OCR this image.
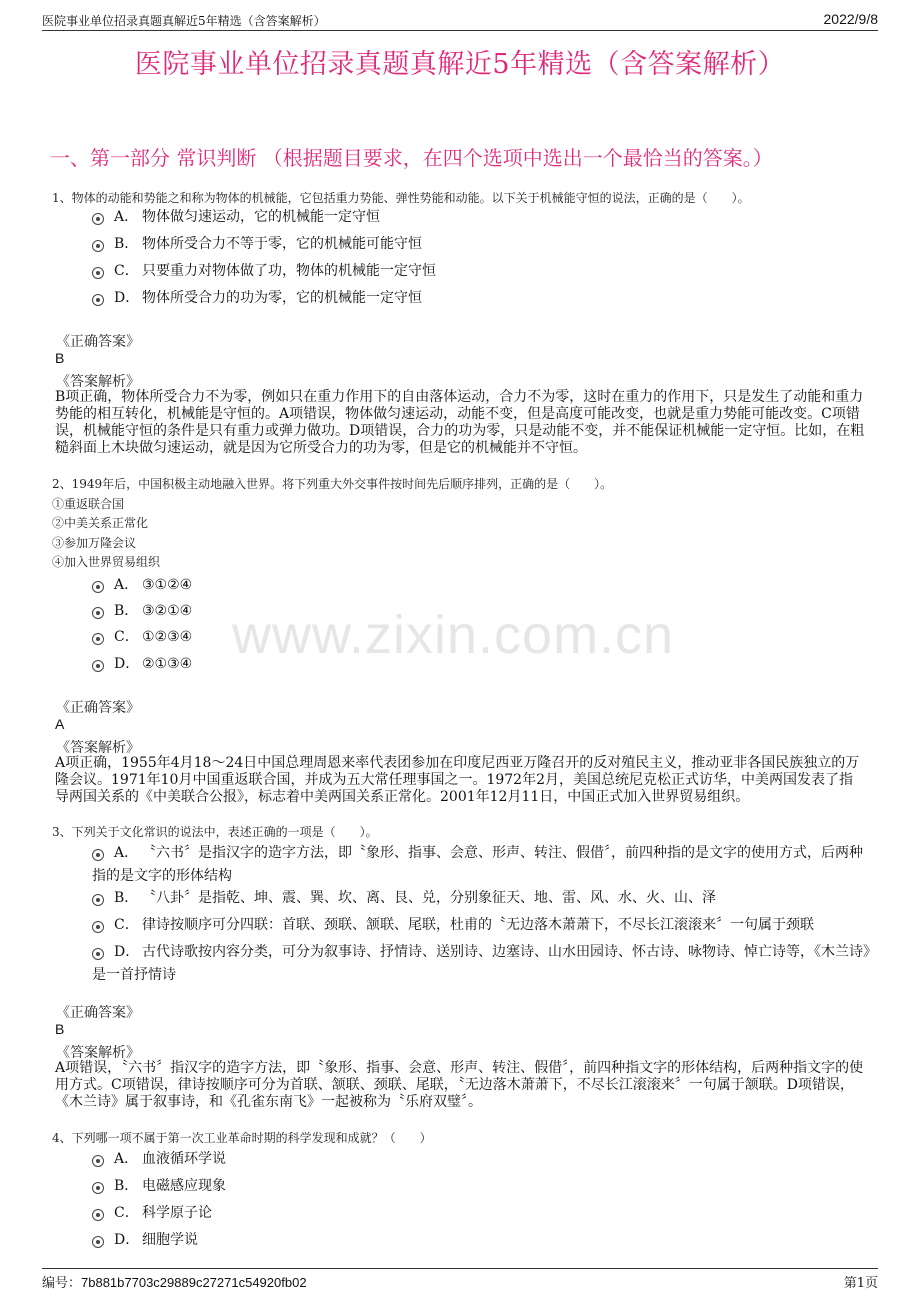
医院事业单位招录真题真解近5年精选（含答案解析）	2022/9/8
医院事业单位招录真题真解近5年精选（含答案解析）
一、第一部分 常识判断 （根据题目要求，在四个选项中选出一个最恰当的答案。）
www.zixin.com.cn
1、物体的动能和势能之和称为物体的机械能，它包括重力势能、弹性势能和动能。以下关于机械能守恒的说法，正确的是（　　）。
A． 物体做匀速运动，它的机械能一定守恒
B． 物体所受合力不等于零，它的机械能可能守恒
C． 只要重力对物体做了功，物体的机械能一定守恒
D． 物体所受合力的功为零，它的机械能一定守恒
《正确答案》
B
《答案解析》
B项正确，物体所受合力不为零，例如只在重力作用下的自由落体运动，合力不为零，这时在重力的作用下，只是发生了动能和重力势能的相互转化，机械能是守恒的。A项错误，物体做匀速运动，动能不变，但是高度可能改变，也就是重力势能可能改变。C项错误，机械能守恒的条件是只有重力或弹力做功。D项错误，合力的功为零，只是动能不变，并不能保证机械能一定守恒。比如，在粗糙斜面上木块做匀速运动，就是因为它所受合力的功为零，但是它的机械能并不守恒。
2、1949年后，中国积极主动地融入世界。将下列重大外交事件按时间先后顺序排列，正确的是（　　）。
①重返联合国
②中美关系正常化
③参加万隆会议
④加入世界贸易组织
A． ③①②④
B． ③②①④
C． ①②③④
D． ②①③④
《正确答案》
A
《答案解析》
A项正确，1955年4月18～24日中国总理周恩来率代表团参加在印度尼西亚万隆召开的反对殖民主义，推动亚非各国民族独立的万隆会议。1971年10月中国重返联合国，并成为五大常任理事国之一。1972年2月，美国总统尼克松正式访华，中美两国发表了指导两国关系的《中美联合公报》，标志着中美两国关系正常化。2001年12月11日，中国正式加入世界贸易组织。
3、下列关于文化常识的说法中，表述正确的一项是（　　）。
A． 〝六书〞是指汉字的造字方法，即〝象形、指事、会意、形声、转注、假借〞，前四种指的是文字的使用方式，后两种指的是文字的形体结构
B． 〝八卦〞是指乾、坤、震、巽、坎、离、艮、兑，分别象征天、地、雷、风、水、火、山、泽
C． 律诗按顺序可分四联：首联、颈联、颔联、尾联，杜甫的〝无边落木萧萧下，不尽长江滚滚来〞一句属于颈联
D． 古代诗歌按内容分类，可分为叙事诗、抒情诗、送别诗、边塞诗、山水田园诗、怀古诗、咏物诗、悼亡诗等，《木兰诗》是一首抒情诗
《正确答案》
B
《答案解析》
A项错误，〝六书〞指汉字的造字方法，即〝象形、指事、会意、形声、转注、假借〞，前四种指文字的形体结构，后两种指文字的使用方式。C项错误，律诗按顺序可分为首联、颔联、颈联、尾联，〝无边落木萧萧下，不尽长江滚滚来〞一句属于颔联。D项错误，《木兰诗》属于叙事诗，和《孔雀东南飞》一起被称为〝乐府双璧〞。
4、下列哪一项不属于第一次工业革命时期的科学发现和成就？（　　）
A． 血液循环学说
B． 电磁感应现象
C． 科学原子论
D． 细胞学说
编号：7b881b7703c29889c27271c54920fb02	第1页
